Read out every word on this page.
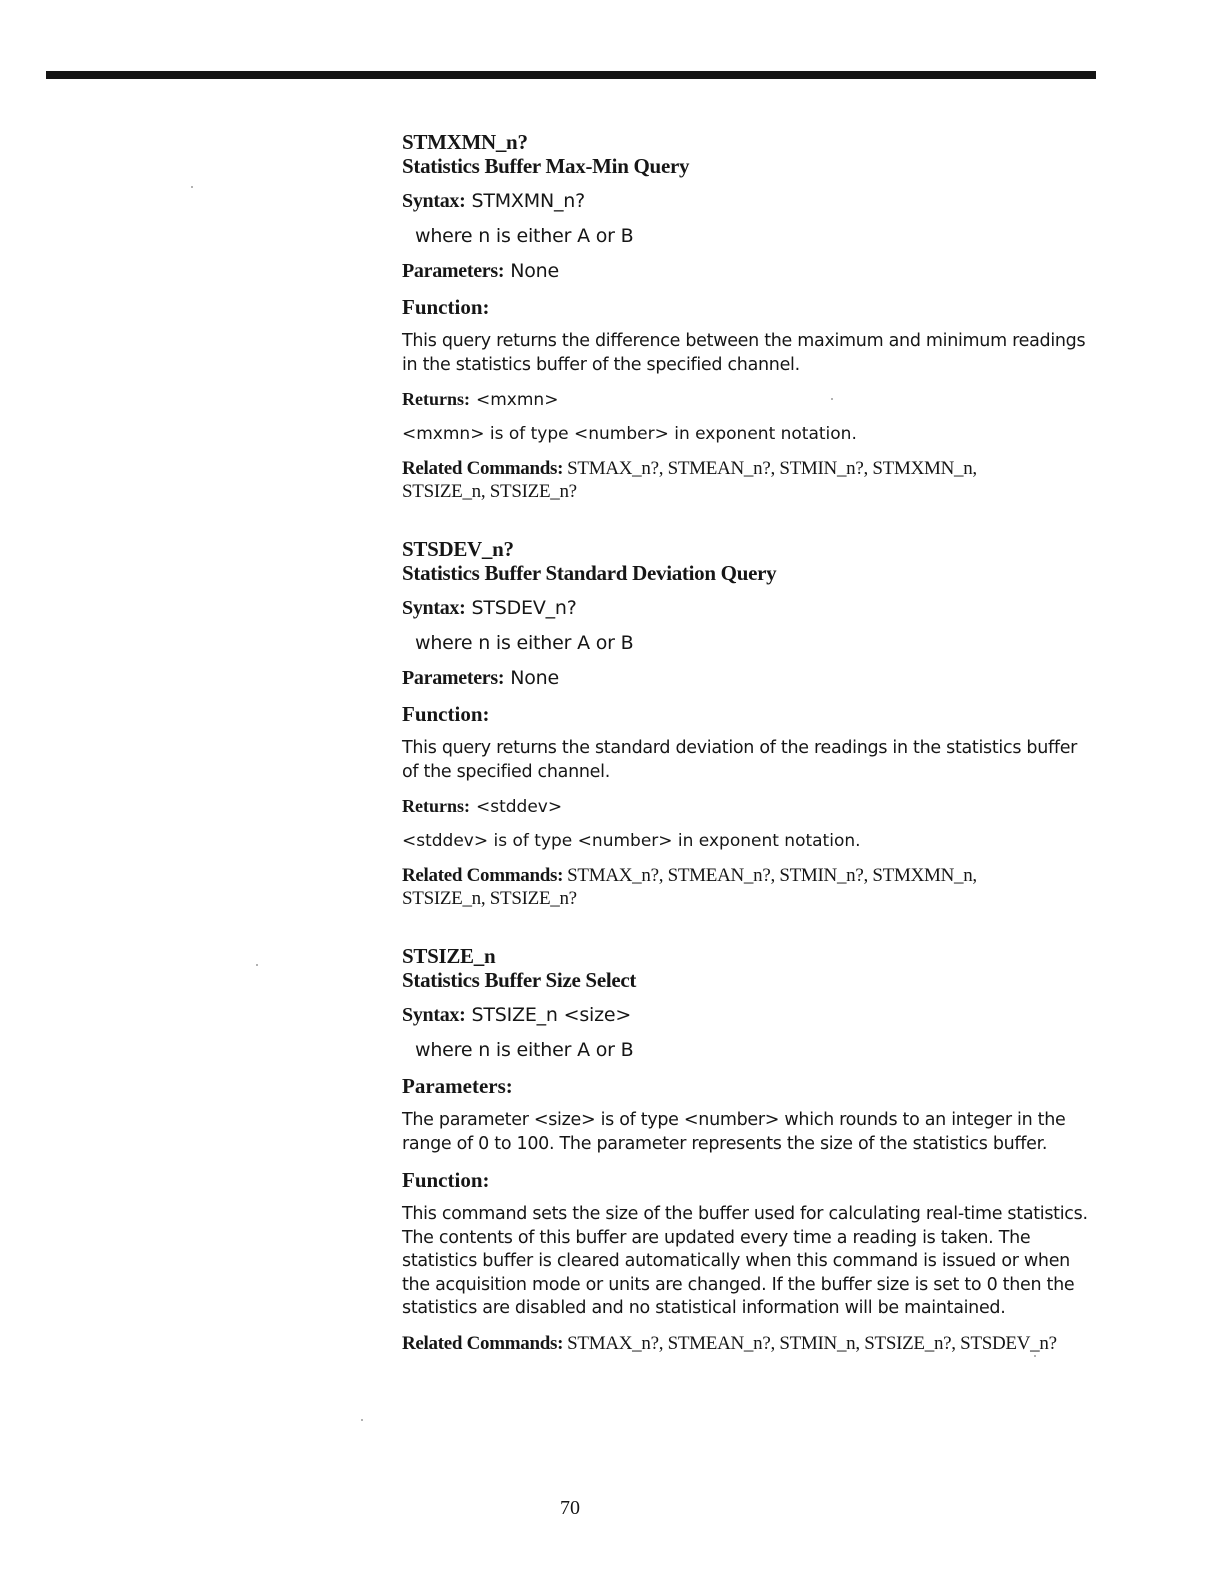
STMXMN_n?
Statistics Buffer Max-Min Query
Syntax: STMXMN_n?
where n is either A or B
Parameters: None
Function:
This query returns the difference between the maximum and minimum readings in the statistics buffer of the specified channel.
Returns: <mxmn>
<mxmn> is of type <number> in exponent notation.
Related Commands: STMAX_n?, STMEAN_n?, STMIN_n?, STMXMN_n, STSIZE_n, STSIZE_n?
STSDEV_n?
Statistics Buffer Standard Deviation Query
Syntax: STSDEV_n?
where n is either A or B
Parameters: None
Function:
This query returns the standard deviation of the readings in the statistics buffer of the specified channel.
Returns: <stddev>
<stddev> is of type <number> in exponent notation.
Related Commands: STMAX_n?, STMEAN_n?, STMIN_n?, STMXMN_n, STSIZE_n, STSIZE_n?
STSIZE_n
Statistics Buffer Size Select
Syntax: STSIZE_n <size>
where n is either A or B
Parameters:
The parameter <size> is of type <number> which rounds to an integer in the range of 0 to 100. The parameter represents the size of the statistics buffer.
Function:
This command sets the size of the buffer used for calculating real-time statistics. The contents of this buffer are updated every time a reading is taken. The statistics buffer is cleared automatically when this command is issued or when the acquisition mode or units are changed. If the buffer size is set to 0 then the statistics are disabled and no statistical information will be maintained.
Related Commands: STMAX_n?, STMEAN_n?, STMIN_n, STSIZE_n?, STSDEV_n?
70
